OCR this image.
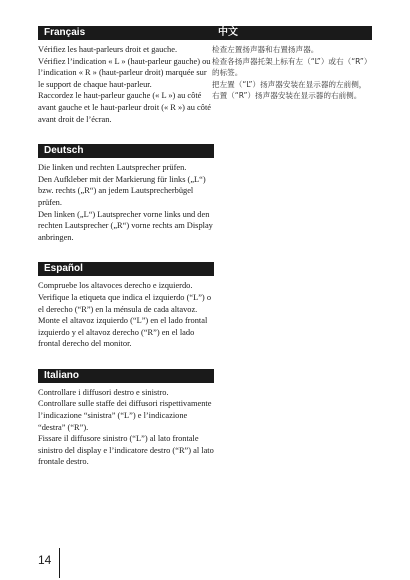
Français

Vérifiez les haut-parleurs droit et gauche.
Vérifiez l’indication « L » (haut-parleur gauche) ou l’indication « R » (haut-parleur droit) marquée sur le support de chaque haut-parleur.
Raccordez le haut-parleur gauche (« L ») au côté avant gauche et le haut-parleur droit (« R ») au côté avant droit de l’écran.

Deutsch

Die linken und rechten Lautsprecher prüfen.
Den Aufkleber mit der Markierung für links („L“) bzw. rechts („R“) an jedem Lautsprecherbügel prüfen.
Den linken („L“) Lautsprecher vorne links und den rechten Lautsprecher („R“) vorne rechts am Display anbringen.

Español

Compruebe los altavoces derecho e izquierdo.
Verifique la etiqueta que indica el izquierdo (“L”) o el derecho (“R”) en la ménsula de cada altavoz.
Monte el altavoz izquierdo (“L”) en el lado frontal izquierdo y el altavoz derecho (“R”) en el lado frontal derecho del monitor.

Italiano

Controllare i diffusori destro e sinistro.
Controllare sulle staffe dei diffusori rispettivamente l’indicazione “sinistra” (“L”) e l’indicazione “destra” (“R”).
Fissare il diffusore sinistro (“L”) al lato frontale sinistro del display e l’indicatore destro (“R”) al lato frontale destro.

中文

检查左置扬声器和右置扬声器。
检查各扬声器托架上标有左（“L”）或右（“R”）的标签。
把左置（“L”）扬声器安装在显示器的左前侧，右置（“R”）扬声器安装在显示器的右前侧。

14
